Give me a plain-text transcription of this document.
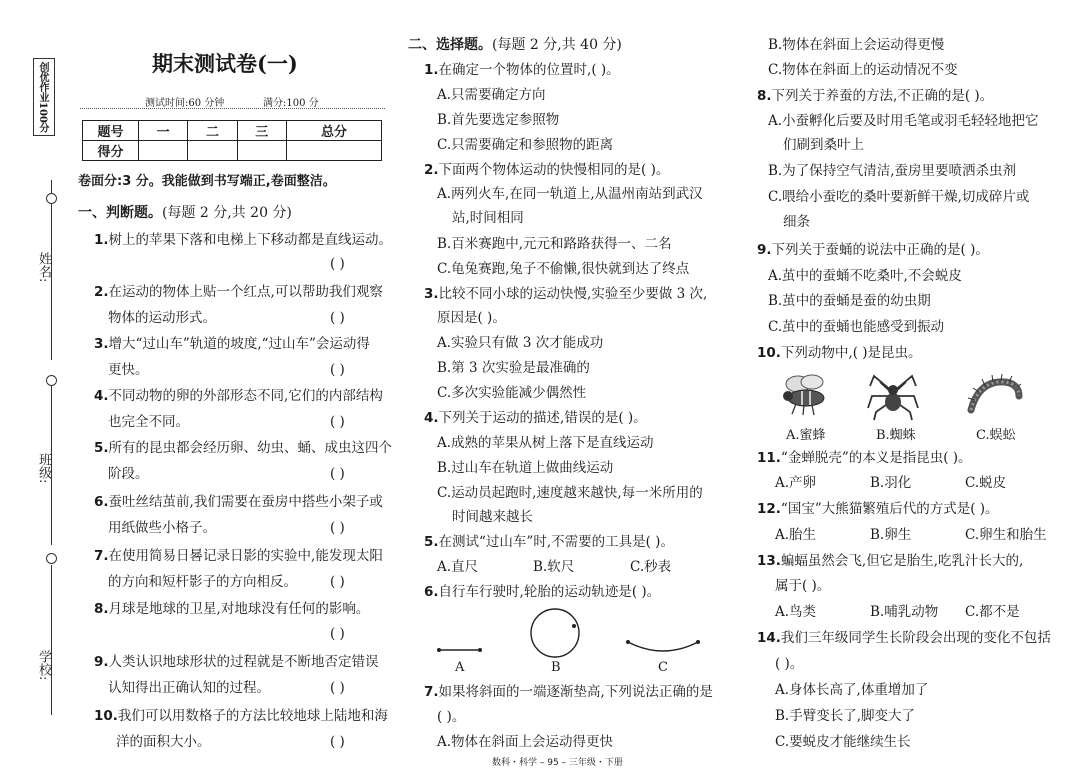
创优作业100分
姓名:
班级:
学校:
期末测试卷(一)
测试时间:60 分钟	满分:100 分
题号	一	二	三	总分
得分				
卷面分:3 分。我能做到书写端正,卷面整洁。
一、判断题。(每题 2 分,共 20 分)
1.树上的苹果下落和电梯上下移动都是直线运动。
( )
2.在运动的物体上贴一个红点,可以帮助我们观察
物体的运动形式。	( )
3.增大“过山车”轨道的坡度,“过山车”会运动得
更快。	( )
4.不同动物的卵的外部形态不同,它们的内部结构
也完全不同。	( )
5.所有的昆虫都会经历卵、幼虫、蛹、成虫这四个
阶段。	( )
6.蚕吐丝结茧前,我们需要在蚕房中搭些小架子或
用纸做些小格子。	( )
7.在使用简易日晷记录日影的实验中,能发现太阳
的方向和短杆影子的方向相反。 ( )
8.月球是地球的卫星,对地球没有任何的影响。
( )
9.人类认识地球形状的过程就是不断地否定错误
认知得出正确认知的过程。	( )
10.我们可以用数格子的方法比较地球上陆地和海
洋的面积大小。	( )
二、选择题。(每题 2 分,共 40 分)
1.在确定一个物体的位置时,( )。
A.只需要确定方向
B.首先要选定参照物
C.只需要确定和参照物的距离
2.下面两个物体运动的快慢相同的是( )。
A.两列火车,在同一轨道上,从温州南站到武汉
站,时间相同
B.百米赛跑中,元元和路路获得一、二名
C.龟兔赛跑,兔子不偷懒,很快就到达了终点
3.比较不同小球的运动快慢,实验至少要做 3 次,
原因是( )。
A.实验只有做 3 次才能成功
B.第 3 次实验是最准确的
C.多次实验能减少偶然性
4.下列关于运动的描述,错误的是( )。
A.成熟的苹果从树上落下是直线运动
B.过山车在轨道上做曲线运动
C.运动员起跑时,速度越来越快,每一米所用的
时间越来越长
5.在测试“过山车”时,不需要的工具是( )。
A.直尺	B.软尺	C.秒表
6.自行车行驶时,轮胎的运动轨迹是( )。
A	B	C
7.如果将斜面的一端逐渐垫高,下列说法正确的是
( )。
A.物体在斜面上会运动得更快
数科・科学 – 95 – 三年级・下册
B.物体在斜面上会运动得更慢
C.物体在斜面上的运动情况不变
8.下列关于养蚕的方法,不正确的是( )。
A.小蚕孵化后要及时用毛笔或羽毛轻轻地把它
们刷到桑叶上
B.为了保持空气清洁,蚕房里要喷洒杀虫剂
C.喂给小蚕吃的桑叶要新鲜干燥,切成碎片或
细条
9.下列关于蚕蛹的说法中正确的是( )。
A.茧中的蚕蛹不吃桑叶,不会蜕皮
B.茧中的蚕蛹是蚕的幼虫期
C.茧中的蚕蛹也能感受到振动
10.下列动物中,( )是昆虫。
A.蜜蜂	B.蜘蛛	C.蜈蚣
11.“金蝉脱壳”的本义是指昆虫( )。
A.产卵	B.羽化	C.蜕皮
12.“国宝”大熊猫繁殖后代的方式是( )。
A.胎生	B.卵生	C.卵生和胎生
13.蝙蝠虽然会飞,但它是胎生,吃乳汁长大的,
属于( )。
A.鸟类	B.哺乳动物 C.都不是
14.我们三年级同学生长阶段会出现的变化不包括
( )。
A.身体长高了,体重增加了
B.手臂变长了,脚变大了
C.要蜕皮才能继续生长
